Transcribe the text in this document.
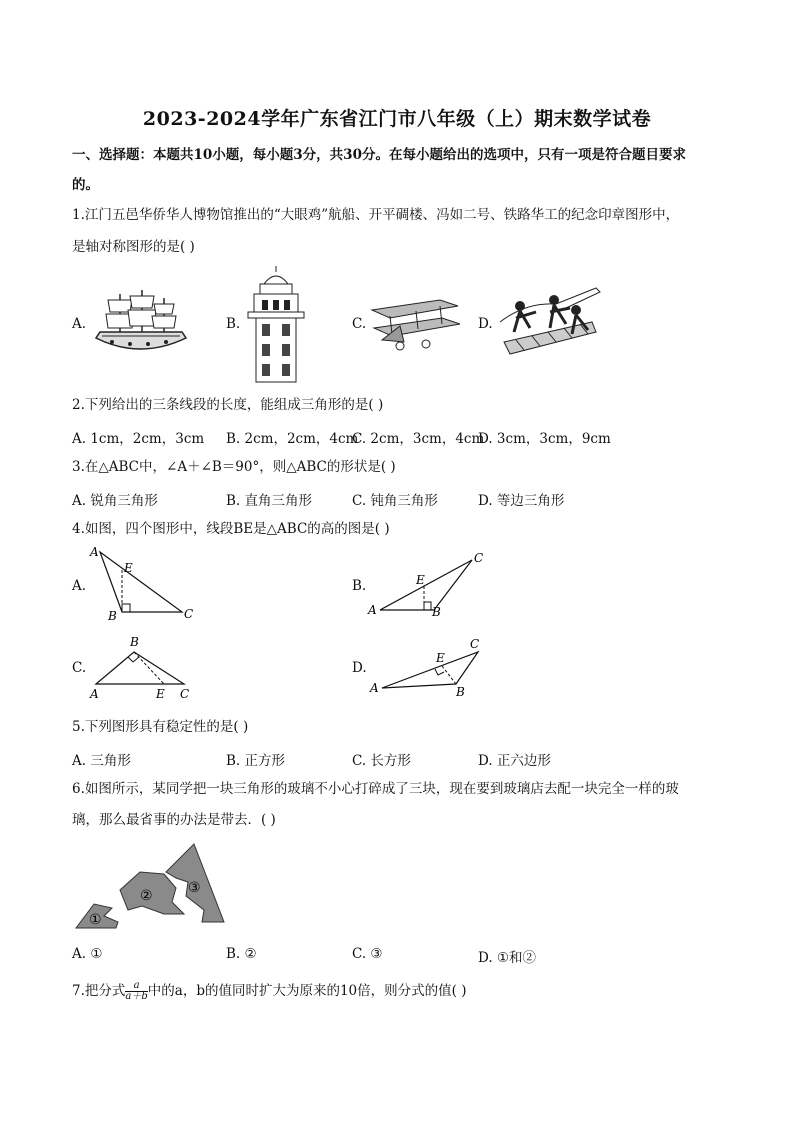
2023-2024学年广东省江门市八年级（上）期末数学试卷
一、选择题：本题共10小题，每小题3分，共30分。在每小题给出的选项中，只有一项是符合题目要求
的。
1.江门五邑华侨华人博物馆推出的“大眼鸡”航船、开平碉楼、冯如二号、铁路华工的纪念印章图形中，
是轴对称图形的是( )
A.	B.	C.	D.
2.下列给出的三条线段的长度，能组成三角形的是( )
A. 1cm，2cm，3cm B. 2cm，2cm，4cm
C. 2cm，3cm，4cm
D. 3cm，3cm，9cm
3.在△ABC中，∠A＋∠B＝90°，则△ABC的形状是( )
A. 锐角三角形	B. 直角三角形	C. 钝角三角形	D. 等边三角形
4.如图，四个图形中，线段BE是△ABC的高的图是( )
A.
A
E
B	C
B.
C
E
A	B
C.
B
A	E C
D.
C
E
A	B
5.下列图形具有稳定性的是( )
A. 三角形	B. 正方形	C. 长方形	D. 正六边形
6.如图所示，某同学把一块三角形的玻璃不小心打碎成了三块，现在要到玻璃店去配一块完全一样的玻
璃，那么最省事的办法是带去．( )
①
②	③
A. ①	B. ②	C. ③	D. ①和②
7.把分式 $\frac{a}{a+b}$ 中的a，b的值同时扩大为原来的10倍，则分式的值( )
